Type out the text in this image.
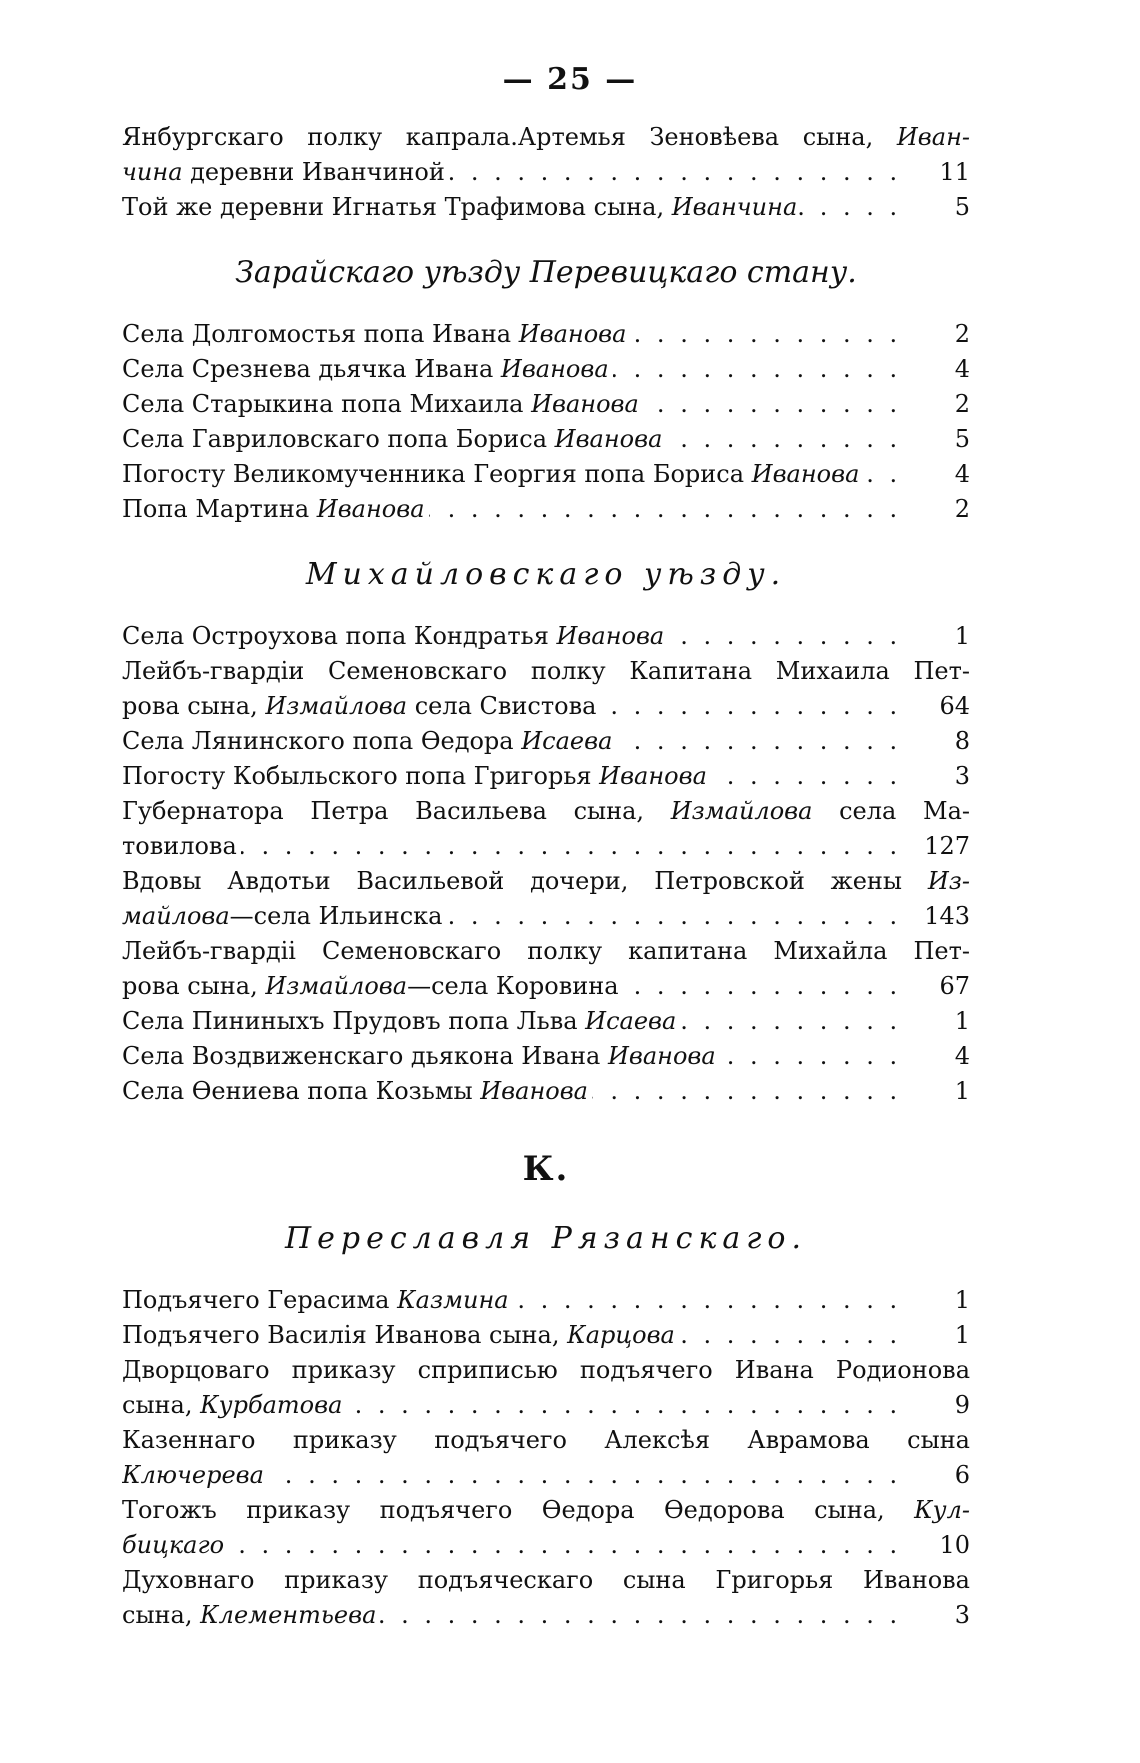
— 25 —
Янбургскаго полку капрала.Артемья Зеновѣева сына, Иван-
чина деревни Иванчиной . . .	11
Той же деревни Игнатья Трафимова сына, Иванчина. . . .	5
Зарайскаго уѣзду Перевицкаго стану.
Села Долгомостья попа Ивана Иванова . . .	2
Села Срезнева дьячка Ивана Иванова . . .	4
Села Старыкина попа Михаила Иванова . . .	2
Села Гавриловскаго попа Бориса Иванова . . .	5
Погосту Великомученника Георгия попа Бориса Иванова . . .	4
Попа Мартина Иванова . . .	2
Михайловскаго уѣзду.
Села Остроухова попа Кондратья Иванова . . .	1
Лейбъ-гвардіи Семеновскаго полку Капитана Михаила Пет-
рова сына, Измайлова села Свистова . . .	64
Села Лянинского попа Ѳедора Исаева . . .	8
Погосту Кобыльского попа Григорья Иванова . . .	3
Губернатора Петра Васильева сына, Измайлова села Ма-
товилова . . .	127
Вдовы Авдотьи Васильевой дочери, Петровской жены Из-
майлова—села Ильинска . . .	143
Лейбъ-гвардіі Семеновскаго полку капитана Михайла Пет-
рова сына, Измайлова—села Коровина . . .	67
Села Пининыхъ Прудовъ попа Льва Исаева . . .	1
Села Воздвиженскаго дьякона Ивана Иванова . . .	4
Села Ѳениева попа Козьмы Иванова . . .	1
К.
Переславля Рязанскаго.
Подъячего Герасима Казмина . . .	1
Подъячего Василія Иванова сына, Карцова . . .	1
Дворцоваго приказу сприписью подъячего Ивана Родионова
сына, Курбатова . . .	9
Казеннаго приказу подъячего Алексѣя Аврамова сына
Ключерева . . .	6
Тогожъ приказу подъячего Ѳедора Ѳедорова сына, Кул-
бицкаго . . .	10
Духовнаго приказу подъяческаго сына Григорья Иванова
сына, Клементьева . . .	3
